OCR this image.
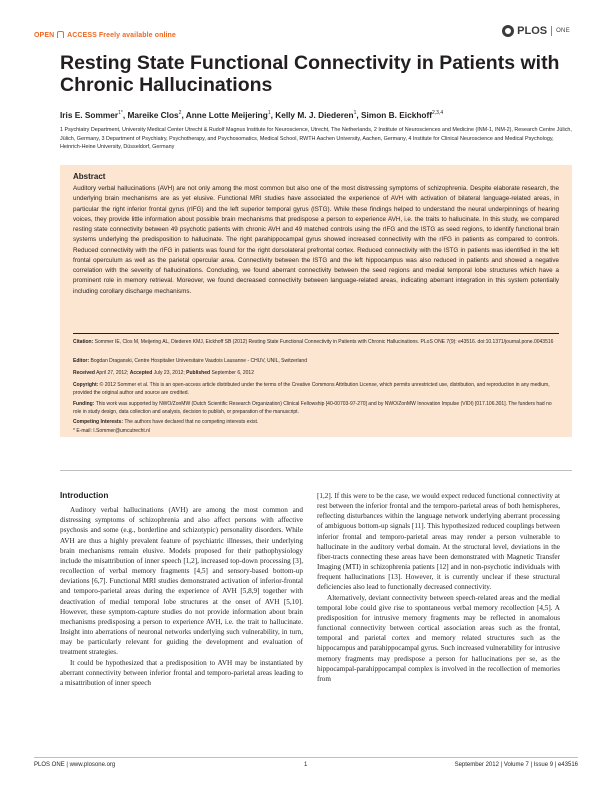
OPEN ACCESS Freely available online	PLOS ONE
Resting State Functional Connectivity in Patients with Chronic Hallucinations
Iris E. Sommer$^{1*}$, Mareike Clos$^2$, Anne Lotte Meijering$^1$, Kelly M. J. Diederen$^1$, Simon B. Eickhoff$^{2,3,4}$

1 Psychiatry Department, University Medical Center Utrecht & Rudolf Magnus Institute for Neuroscience, Utrecht, The Netherlands, 2 Institute of Neurosciences and Medicine (INM-1, INM-2), Research Centre Jülich, Jülich, Germany, 3 Department of Psychiatry, Psychotherapy, and Psychosomatics, Medical School, RWTH Aachen University, Aachen, Germany, 4 Institute for Clinical Neuroscience and Medical Psychology, Heinrich-Heine University, Düsseldorf, Germany

Abstract

Auditory verbal hallucinations (AVH) are not only among the most common but also one of the most distressing symptoms of schizophrenia. Despite elaborate research, the underlying brain mechanisms are as yet elusive. Functional MRI studies have associated the experience of AVH with activation of bilateral language-related areas, in particular the right inferior frontal gyrus (rIFG) and the left superior temporal gyrus (lSTG). While these findings helped to understand the neural underpinnings of hearing voices, they provide little information about possible brain mechanisms that predispose a person to experience AVH, i.e. the traits to hallucinate. In this study, we compared resting state connectivity between 49 psychotic patients with chronic AVH and 49 matched controls using the rIFG and the lSTG as seed regions, to identify functional brain systems underlying the predisposition to hallucinate. The right parahippocampal gyrus showed increased connectivity with the rIFG in patients as compared to controls. Reduced connectivity with the rIFG in patients was found for the right dorsolateral prefrontal cortex. Reduced connectivity with the lSTG in patients was identified in the left frontal operculum as well as the parietal opercular area. Connectivity between the lSTG and the left hippocampus was also reduced in patients and showed a negative correlation with the severity of hallucinations. Concluding, we found aberrant connectivity between the seed regions and medial temporal lobe structures which have a prominent role in memory retrieval. Moreover, we found decreased connectivity between language-related areas, indicating aberrant integration in this system potentially including corollary discharge mechanisms.

Citation: Sommer IE, Clos M, Meijering AL, Diederen KMJ, Eickhoff SB (2012) Resting State Functional Connectivity in Patients with Chronic Hallucinations. PLoS ONE 7(9): e43516. doi:10.1371/journal.pone.0043516

Editor: Bogdan Draganski, Centre Hospitalier Universitaire Vaudois Lausanne - CHUV, UNIL, Switzerland

Received April 27, 2012; Accepted July 23, 2012; Published September 6, 2012

Copyright: © 2012 Sommer et al. This is an open-access article distributed under the terms of the Creative Commons Attribution License, which permits unrestricted use, distribution, and reproduction in any medium, provided the original author and source are credited.

Funding: This work was supported by NWO/ZonMW (Dutch Scientific Research Organization) Clinical Fellowship [40-00703-97-270] and by NWO/ZonMW Innovation Impulse (VIDI) [017.106.301]. The funders had no role in study design, data collection and analysis, decision to publish, or preparation of the manuscript.

Competing Interests: The authors have declared that no competing interests exist.

* E-mail: I.Sommer@umcutrecht.nl

Introduction

Auditory verbal hallucinations (AVH) are among the most common and distressing symptoms of schizophrenia and also affect persons with affective psychosis and some (e.g., borderline and schizotypic) personality disorders. While AVH are thus a highly prevalent feature of psychiatric illnesses, their underlying brain mechanisms remain elusive. Models proposed for their pathophysiology include the misattribution of inner speech [1,2], increased top-down processing [3], recollection of verbal memory fragments [4,5] and sensory-based bottom-up deviations [6,7]. Functional MRI studies demonstrated activation of inferior-frontal and temporo-parietal areas during the experience of AVH [5,8,9] together with deactivation of medial temporal lobe structures at the onset of AVH [5,10]. However, these symptom-capture studies do not provide information about brain mechanisms predisposing a person to experience AVH, i.e. the trait to hallucinate. Insight into aberrations of neuronal networks underlying such vulnerability, in turn, may be particularly relevant for guiding the development and evaluation of treatment strategies.

It could be hypothesized that a predisposition to AVH may be instantiated by aberrant connectivity between inferior frontal and temporo-parietal areas leading to a misattribution of inner speech

[1,2]. If this were to be the case, we would expect reduced functional connectivity at rest between the inferior frontal and the temporo-parietal areas of both hemispheres, reflecting disturbances within the language network underlying aberrant processing of ambiguous bottom-up signals [11]. This hypothesized reduced couplings between inferior frontal and temporo-parietal areas may render a person vulnerable to hallucinate in the auditory verbal domain. At the structural level, deviations in the fiber-tracts connecting these areas have been demonstrated with Magnetic Transfer Imaging (MTI) in schizophrenia patients [12] and in non-psychotic individuals with frequent hallucinations [13]. However, it is currently unclear if these structural deficiencies also lead to functionally decreased connectivity.

Alternatively, deviant connectivity between speech-related areas and the medial temporal lobe could give rise to spontaneous verbal memory recollection [4,5]. A predisposition for intrusive memory fragments may be reflected in anomalous functional connectivity between cortical association areas such as the frontal, temporal and parietal cortex and memory related structures such as the hippocampus and parahippocampal gyrus. Such increased vulnerability for intrusive memory fragments may predispose a person for hallucinations per se, as the hippocampal-parahippocampal complex is involved in the recollection of memories from

PLOS ONE | www.plosone.org	1	September 2012 | Volume 7 | Issue 9 | e43516
